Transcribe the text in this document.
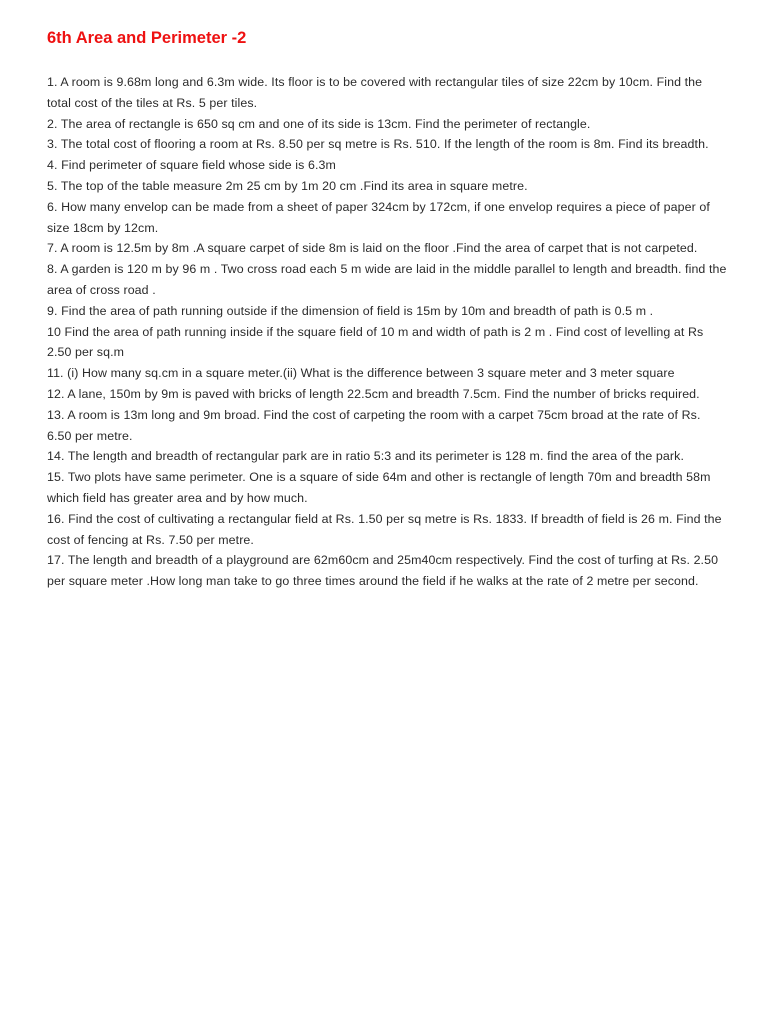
6th Area and Perimeter -2

1. A room is 9.68m long and 6.3m wide. Its floor is to be covered with rectangular tiles of size 22cm by 10cm. Find the total cost of the tiles at Rs. 5 per tiles.

2. The area of rectangle is 650 sq cm and one of its side is 13cm. Find the perimeter of rectangle.

3. The total cost of flooring a room at Rs. 8.50 per sq metre is Rs. 510. If the length of the room is 8m. Find its breadth.

4. Find perimeter of square field whose side is 6.3m

5. The top of the table measure 2m 25 cm by 1m 20 cm .Find its area in square metre.

6. How many envelop can be made from a sheet of paper 324cm by 172cm, if one envelop requires a piece of paper of size 18cm by 12cm.

7. A room is 12.5m by 8m .A square carpet of side 8m is laid on the floor .Find the area of carpet that is not carpeted.

8. A garden is 120 m by 96 m . Two cross road each 5 m wide are laid in the middle parallel to length and breadth. find the area of cross road .

9. Find the area of path running outside if the dimension of field is 15m by 10m and breadth of path is 0.5 m .

10 Find the area of path running inside if the square field of 10 m and width of path is 2 m . Find cost of levelling at Rs 2.50 per sq.m

11. (i) How many sq.cm in a square meter.(ii) What is the difference between 3 square meter and 3 meter square

12. A lane, 150m by 9m is paved with bricks of length 22.5cm and breadth 7.5cm. Find the number of bricks required.

13. A room is 13m long and 9m broad. Find the cost of carpeting the room with a carpet 75cm broad at the rate of Rs. 6.50 per metre.

14. The length and breadth of rectangular park are in ratio 5:3 and its perimeter is 128 m. find the area of the park.

15. Two plots have same perimeter. One is a square of side 64m and other is rectangle of length 70m and breadth 58m which field has greater area and by how much.

16. Find the cost of cultivating a rectangular field at Rs. 1.50 per sq metre is Rs. 1833. If breadth of field is 26 m. Find the cost of fencing at Rs. 7.50 per metre.

17. The length and breadth of a playground are 62m60cm and 25m40cm respectively. Find the cost of turfing at Rs. 2.50 per square meter .How long man take to go three times around the field if he walks at the rate of 2 metre per second.
